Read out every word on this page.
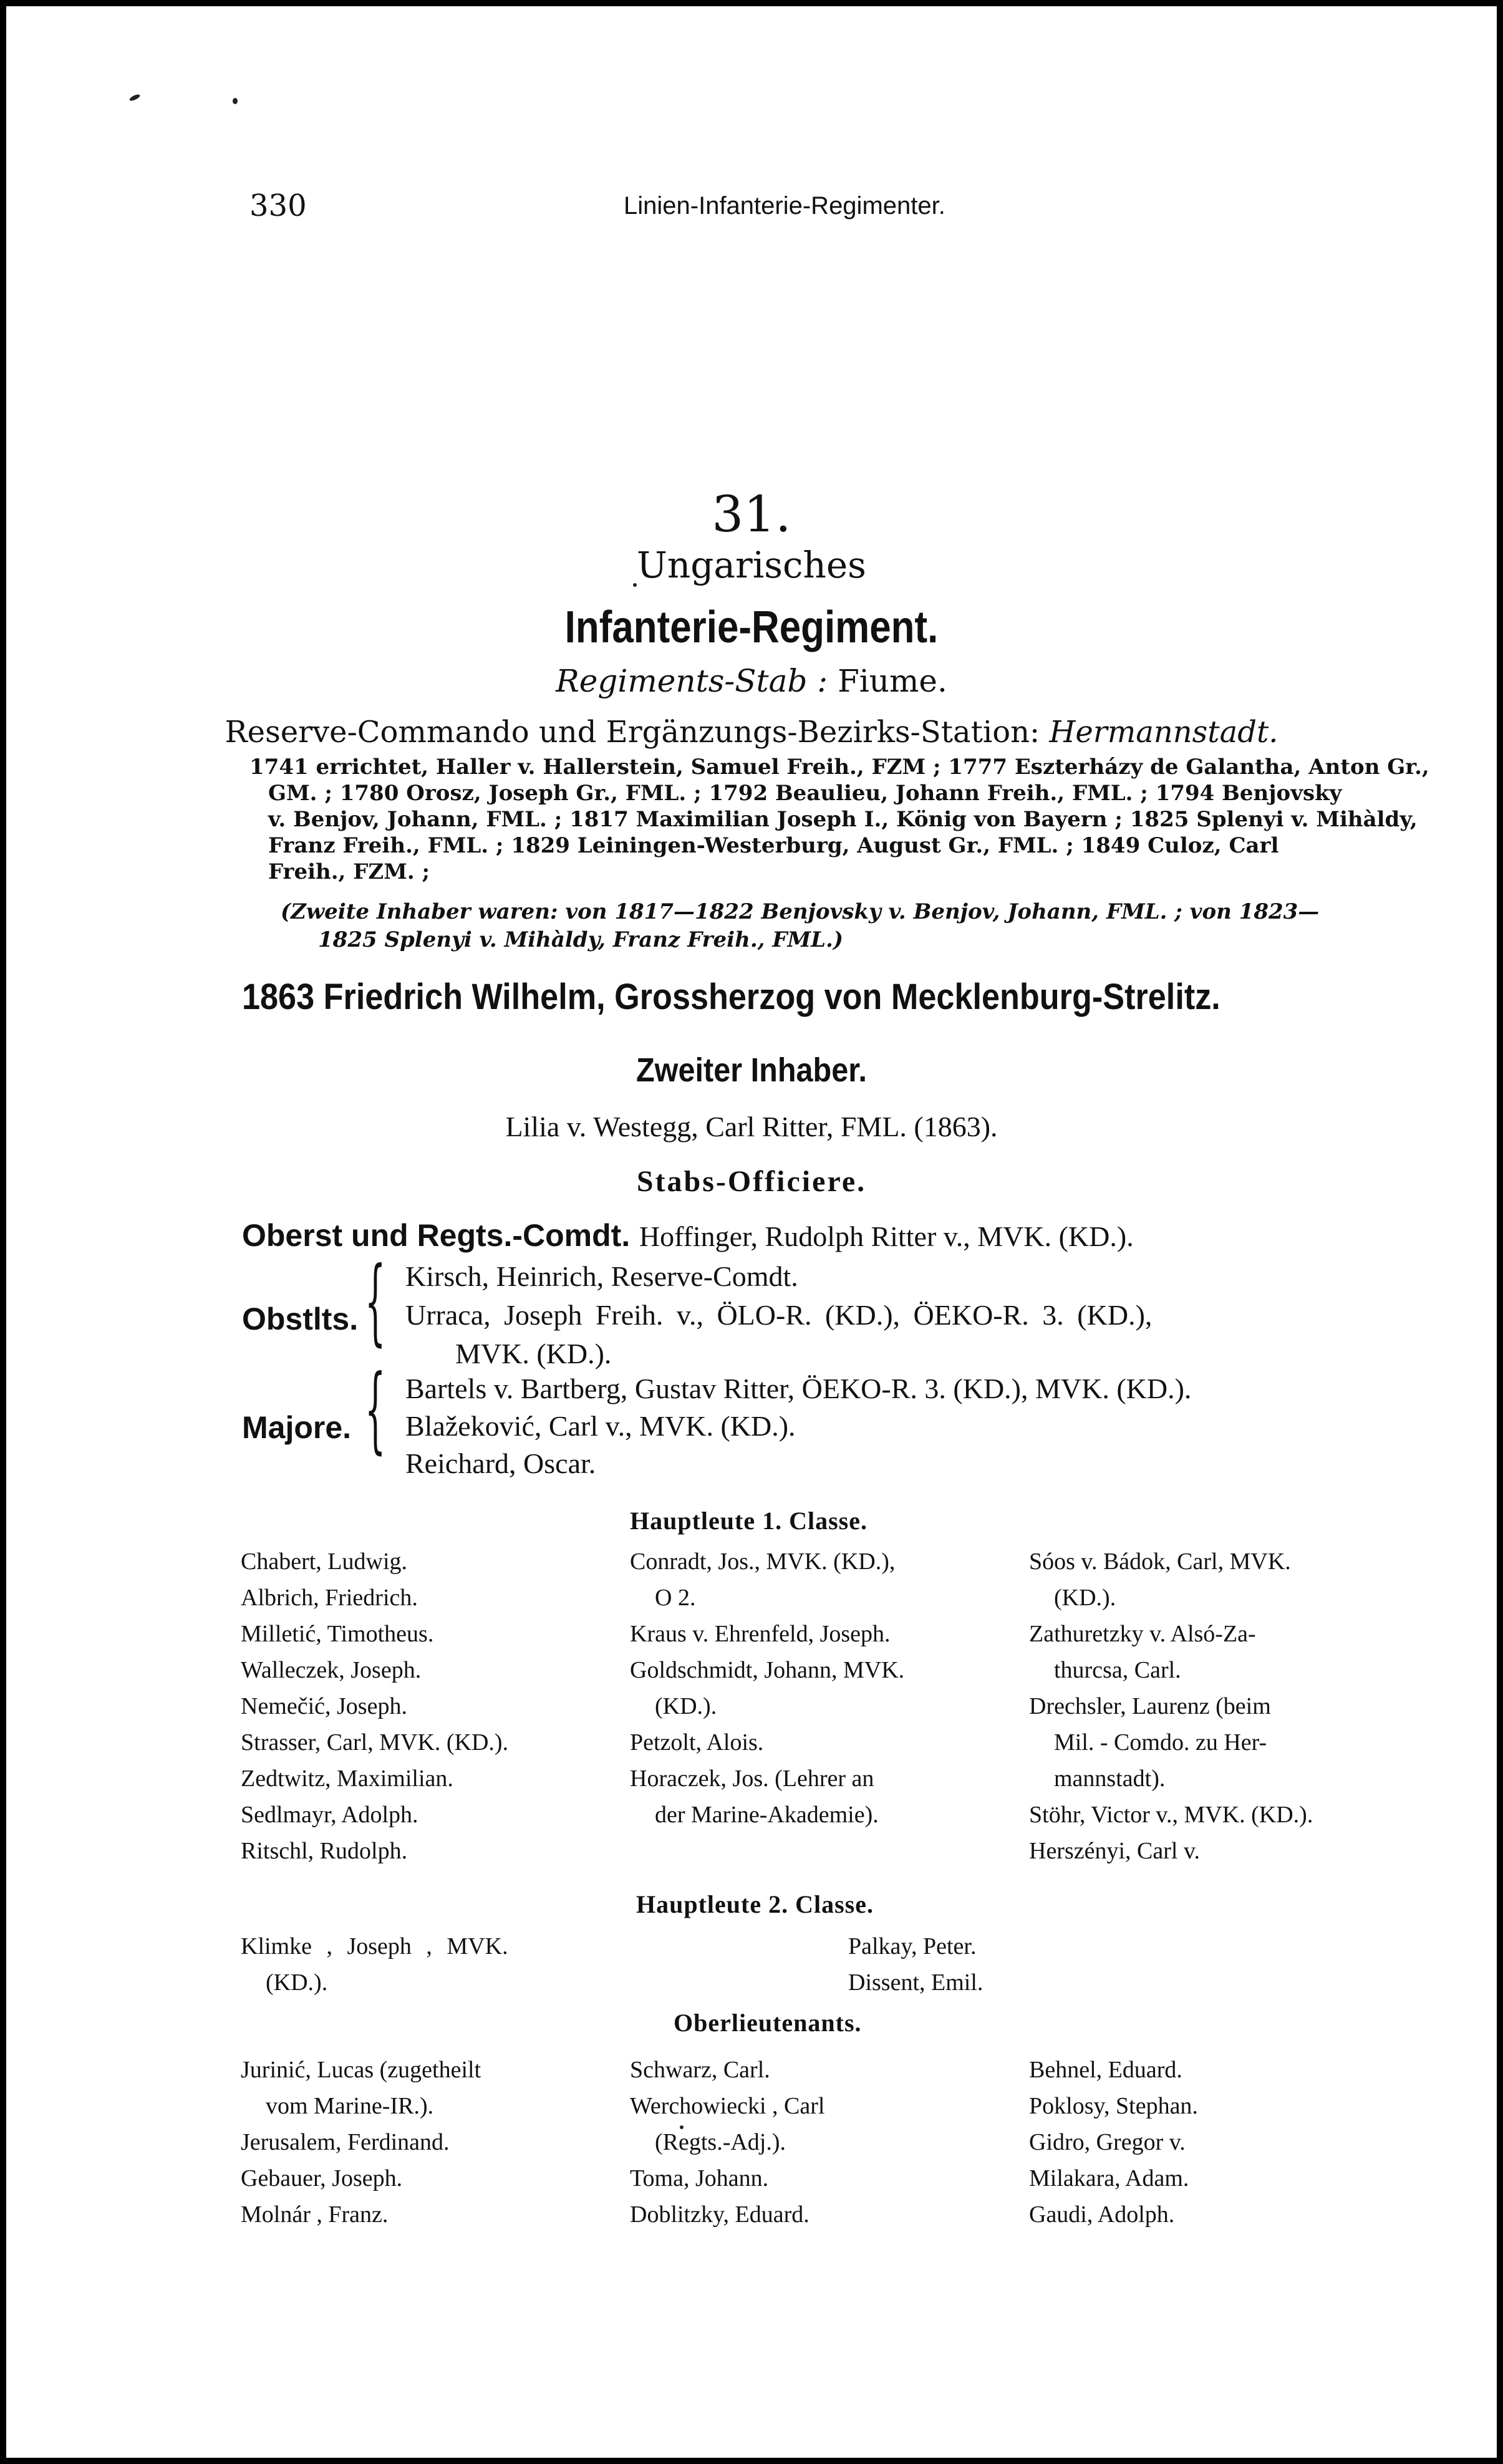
330	Linien-Infanterie-Regimenter.
31.
Ungarisches
Infanterie-Regiment.
Regiments-Stab : Fiume.
Reserve-Commando und Ergänzungs-Bezirks-Station: Hermannstadt.
1741 errichtet, Haller v. Hallerstein, Samuel Freih., FZM ; 1777 Eszterházy de Galantha, Anton Gr.,
GM. ; 1780 Orosz, Joseph Gr., FML. ; 1792 Beaulieu, Johann Freih., FML. ; 1794 Benjovsky
v. Benjov, Johann, FML. ; 1817 Maximilian Joseph I., König von Bayern ; 1825 Splenyi v. Mihàldy,
Franz Freih., FML. ; 1829 Leiningen-Westerburg, August Gr., FML. ; 1849 Culoz, Carl
Freih., FZM. ;
(Zweite Inhaber waren: von 1817—1822 Benjovsky v. Benjov, Johann, FML. ; von 1823—
1825 Splenyi v. Mihàldy, Franz Freih., FML.)
1863 Friedrich Wilhelm, Grossherzog von Mecklenburg-Strelitz.
Zweiter Inhaber.
Lilia v. Westegg, Carl Ritter, FML. (1863).
Stabs-Officiere.
Oberst und Regts.-Comdt. Hoffinger, Rudolph Ritter v., MVK. (KD.).
Obstlts. { Kirsch, Heinrich, Reserve-Comdt.
Urraca, Joseph Freih. v., ÖLO-R. (KD.), ÖEKO-R. 3. (KD.),
MVK. (KD.).
Majore. { Bartels v. Bartberg, Gustav Ritter, ÖEKO-R. 3. (KD.), MVK. (KD.).
Blažeković, Carl v., MVK. (KD.).
Reichard, Oscar.
Hauptleute 1. Classe.
Chabert, Ludwig.
Albrich, Friedrich.
Milletić, Timotheus.
Walleczek, Joseph.
Nemečić, Joseph.
Strasser, Carl, MVK. (KD.).
Zedtwitz, Maximilian.
Sedlmayr, Adolph.
Ritschl, Rudolph.
Conradt, Jos., MVK. (KD.),
O 2.
Kraus v. Ehrenfeld, Joseph.
Goldschmidt, Johann, MVK.
(KD.).
Petzolt, Alois.
Horaczek, Jos. (Lehrer an
der Marine-Akademie).
Sóos v. Bádok, Carl, MVK.
(KD.).
Zathuretzky v. Alsó-Za-
thurcsa, Carl.
Drechsler, Laurenz (beim
Mil. - Comdo. zu Her-
mannstadt).
Stöhr, Victor v., MVK. (KD.).
Herszényi, Carl v.
Hauptleute 2. Classe.
Klimke , Joseph , MVK.
(KD.).
Palkay, Peter.
Dissent, Emil.
Oberlieutenants.
Jurinić, Lucas (zugetheilt
vom Marine-IR.).
Jerusalem, Ferdinand.
Gebauer, Joseph.
Molnár , Franz.
Schwarz, Carl.
Werchowiecki , Carl
(Regts.-Adj.).
Toma, Johann.
Doblitzky, Eduard.
Behnel, Eduard.
Poklosy, Stephan.
Gidro, Gregor v.
Milakara, Adam.
Gaudi, Adolph.
